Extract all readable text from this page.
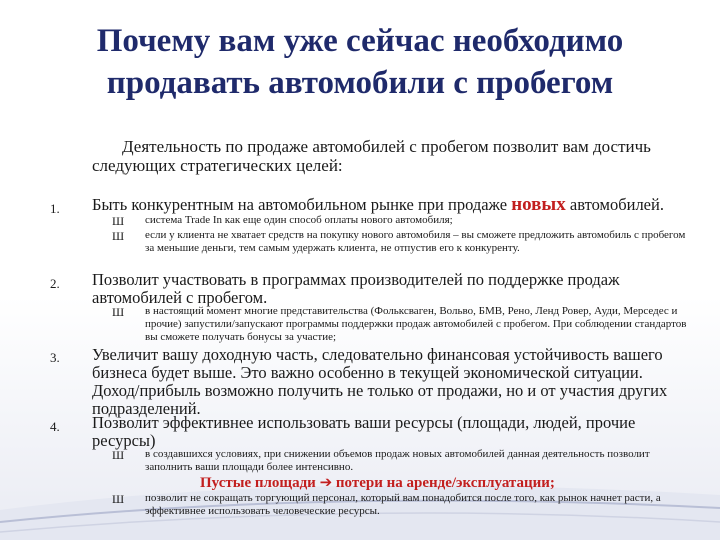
Почему вам уже сейчас необходимо
продавать автомобили с пробегом
Деятельность по продаже автомобилей с пробегом позволит вам достичь следующих стратегических целей:
1. Быть конкурентным на автомобильном рынке при продаже новых автомобилей.
Ш система Trade In как еще один способ оплаты нового автомобиля;
Ш если у клиента не хватает средств на покупку нового автомобиля – вы сможете предложить автомобиль с пробегом за меньшие деньги, тем самым удержать клиента, не отпустив его к конкуренту.
2. Позволит участвовать в программах производителей по поддержке продаж автомобилей с пробегом.
Ш в настоящий момент многие представительства (Фольксваген, Вольво, БМВ, Рено, Ленд Ровер, Ауди, Мерседес и прочие) запустили/запускают программы поддержки продаж автомобилей с пробегом. При соблюдении стандартов вы сможете получать бонусы за участие;
3. Увеличит вашу доходную часть, следовательно финансовая устойчивость вашего бизнеса будет выше. Это важно особенно в текущей экономической ситуации. Доход/прибыль возможно получить не только от продажи, но и от участия других подразделений.
4. Позволит эффективнее использовать ваши ресурсы (площади, людей, прочие ресурсы)
Ш в создавшихся условиях, при снижении объемов продаж новых автомобилей данная деятельность позволит заполнить ваши площади более интенсивно.
Пустые площади ➔ потери на аренде/эксплуатации;
Ш позволит не сокращать торгующий персонал, который вам понадобится после того, как рынок начнет расти, а эффективнее использовать человеческие ресурсы.
